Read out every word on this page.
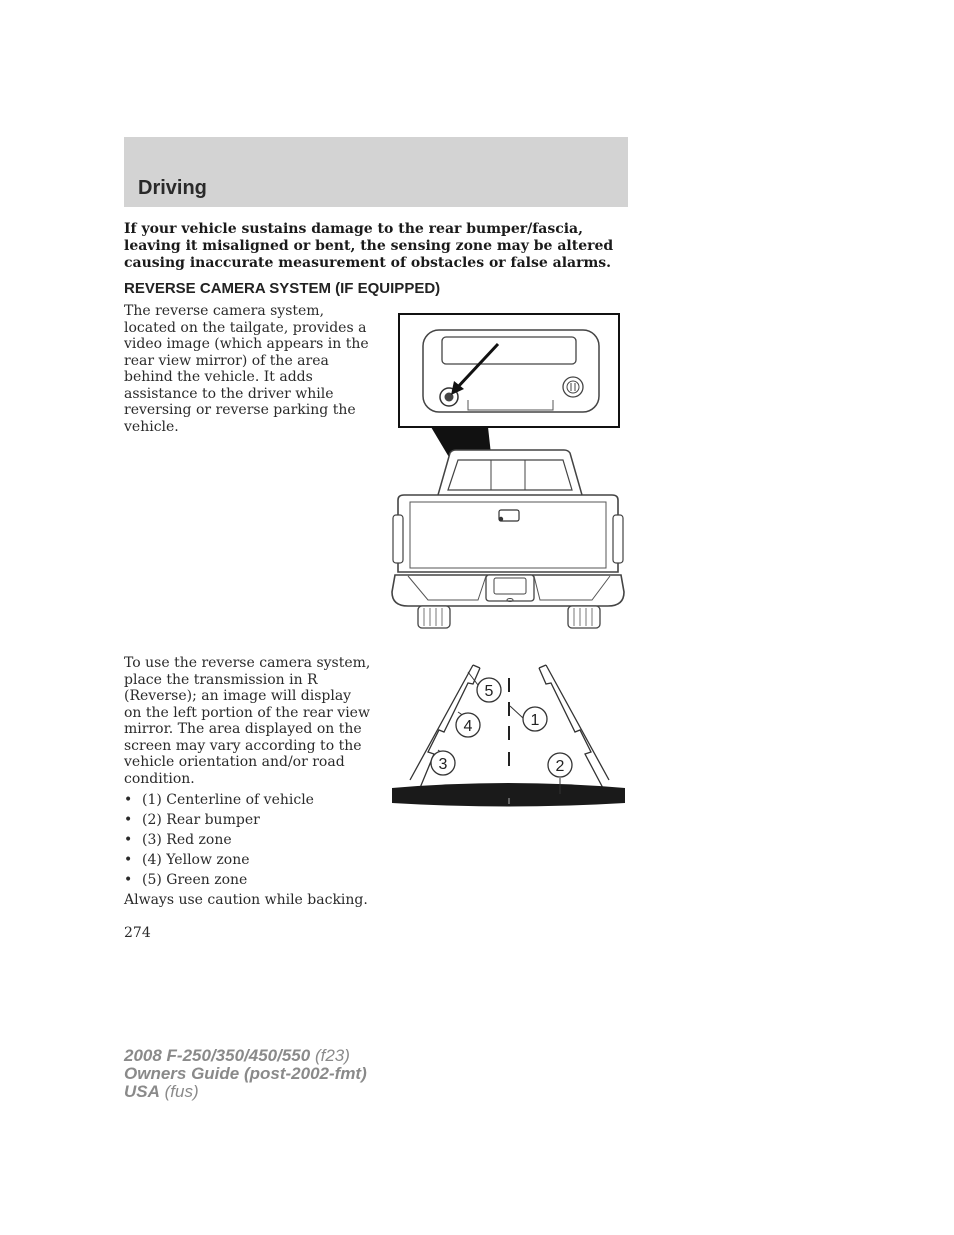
Driving
If your vehicle sustains damage to the rear bumper/fascia, leaving it misaligned or bent, the sensing zone may be altered causing inaccurate measurement of obstacles or false alarms.
REVERSE CAMERA SYSTEM (IF EQUIPPED)
The reverse camera system, located on the tailgate, provides a video image (which appears in the rear view mirror) of the area behind the vehicle. It adds assistance to the driver while reversing or reverse parking the vehicle.
To use the reverse camera system, place the transmission in R (Reverse); an image will display on the left portion of the rear view mirror. The area displayed on the screen may vary according to the vehicle orientation and/or road condition.
5
4
3
1
2
• (1) Centerline of vehicle
• (2) Rear bumper
• (3) Red zone
• (4) Yellow zone
• (5) Green zone
Always use caution while backing.
274
2008 F-250/350/450/550 (f23)
Owners Guide (post-2002-fmt)
USA (fus)
